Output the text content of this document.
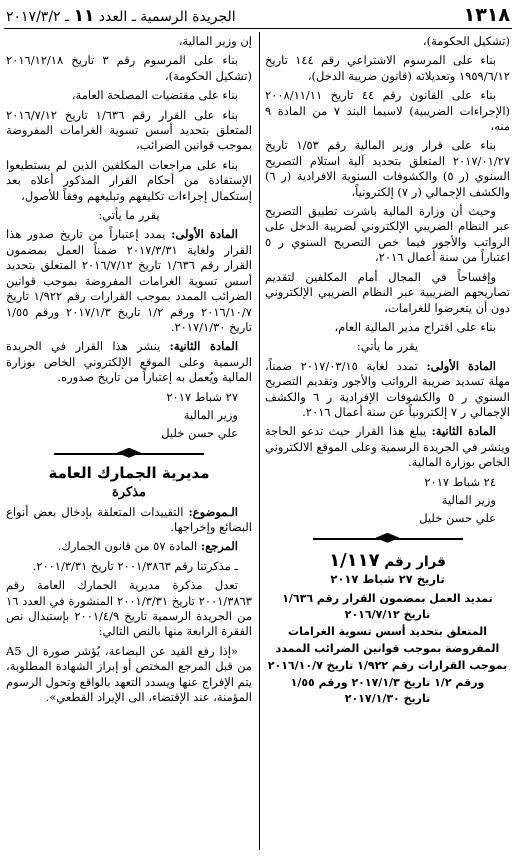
١٣١٨
الجريدة الرسمية ـ العدد ١١ ـ ٢٠١٧/٣/٢

(تشكيل الحكومة)،

بناء على المرسوم الاشتراعي رقم ١٤٤ تاريخ ١٩٥٩/٦/١٢ وتعديلاته (قانون ضريبة الدخل)،

بناء على القانون رقم ٤٤ تاريخ ٢٠٠٨/١١/١١ (الإجراءات الضريبية) لاسيما البند ٧ من المادة ٩ منه،

بناء على قرار وزير المالية رقم ١/٥٣ تاريخ ٢٠١٧/٠١/٢٧ المتعلق بتحديد آلية استلام التصريح السنوي (ر ٥) والكشوفات السنوية الافرادية (ر ٦) والكشف الإجمالي (ر ٧) إلكترونياً،

وحيث أن وزارة المالية باشرت تطبيق التصريح عبر النظام الضريبي الإلكتروني لضريبة الدخل على الرواتب والأجور فيما خص التصريح السنوي ر ٥ اعتباراً من سنة أعمال ٢٠١٦،

وإفساحاً في المجال أمام المكلفين لتقديم تصاريحهم الضريبية عبر النظام الضريبي الإلكتروني دون أن يتعرضوا للغرامات،

بناء على اقتراح مدير المالية العام،

يقرر ما يأتي:

المادة الأولى: تمدد لغاية ٢٠١٧/٠٣/١٥ ضمناً، مهلة تسديد ضريبة الرواتب والأجور وتقديم التصريح السنوي ر ٥ والكشوفات الإفرادية ر ٦ والكشف الإجمالي ر ٧ إلكترونياً عن سنة أعمال ٢٠١٦.

المادة الثانية: يبلغ هذا القرار حيث تدعو الحاجة وينشر في الجريدة الرسمية وعلى الموقع الالكتروني الخاص بوزارة المالية.

٢٤ شباط ٢٠١٧

وزير المالية

علي حسن خليل

قرار رقم ١/١١٧

تاريخ ٢٧ شباط ٢٠١٧

تمديد العمل بمضمون القرار رقم ١/٦٣٦

تاريخ ٢٠١٦/٧/١٢

المتعلق بتحديد أسس تسوية الغرامات

المفروضة بموجب قوانين الضرائب الممدد

بموجب القرارات رقم ١/٩٢٢ تاريخ ٢٠١٦/١٠/٧

ورقم ١/٢ تاريخ ٢٠١٧/١/٣ ورقم ١/٥٥

تاريخ ٢٠١٧/١/٣٠

إن وزير المالية،

بناء على المرسوم رقم ٣ تاريخ ٢٠١٦/١٢/١٨ (تشكيل الحكومة)،

بناء على مقتضيات المصلحة العامة،

بناء على القرار رقم ١/٦٣٦ تاريخ ٢٠١٦/٧/١٢ المتعلق بتحديد أسس تسوية الغرامات المفروضة بموجب قوانين الضرائب،

بناء على مراجعات المكلفين الذين لم يستطيعوا الإستفادة من أحكام القرار المذكور أعلاه بعد إستكمال إجراءات تكليفهم وتبليغهم وفقاً للأصول،

يقرر ما يأتي:

المادة الأولى: يمدد إعتباراً من تاريخ صدور هذا القرار ولغاية ٢٠١٧/٣/٣١ ضمناً العمل بمضمون القرار رقم ١/٦٣٦ تاريخ ٢٠١٦/٧/١٢ المتعلق بتحديد أسس تسوية الغرامات المفروضة بموجب قوانين الضرائب الممدد بموجب القرارات رقم ١/٩٢٢ تاريخ ٢٠١٦/١٠/٧ ورقم ١/٢ تاريخ ٢٠١٧/١/٣ ورقم ١/٥٥ تاريخ ٢٠١٧/١/٣٠.

المادة الثانية: ينشر هذا القرار في الجريدة الرسمية وعلى الموقع الإلكتروني الخاص بوزارة المالية ويُعمل به إعتباراً من تاريخ صدوره.

٢٧ شباط ٢٠١٧

وزير المالية

علي حسن خليل

مديرية الجمارك العامة
مذكرة

الـموضوع: التقييدات المتعلقة بإدخال بعض أنواع البضائع وإخراجها.

المرجع: المادة ٥٧ من قانون الجمارك.

ـ مذكرتنا رقم ٢٠٠١/٣٨٦٣ تاريخ ٢٠٠١/٣/٣١.

تعدل مذكرة مديرية الجمارك العامة رقم ٢٠٠١/٣٨٦٣ تاريخ ٢٠٠١/٣/٣١ المنشورة في العدد ١٦ من الجريدة الرسمية تاريخ ٢٠٠١/٤/٩ بإستبدال نص الفقرة الرابعة منها بالنص التالي:

«إذا رفع القيد عن البضاعة، يُؤشر صورة ال A5 من قبل المرجع المختص أو إبراز الشهادة المطلوبة، يتم الإفراج عنها ويسدد التعهد بالواقع وتحول الرسوم المؤمنة، عند الإقتضاء، الى الإيراد القطعي».
